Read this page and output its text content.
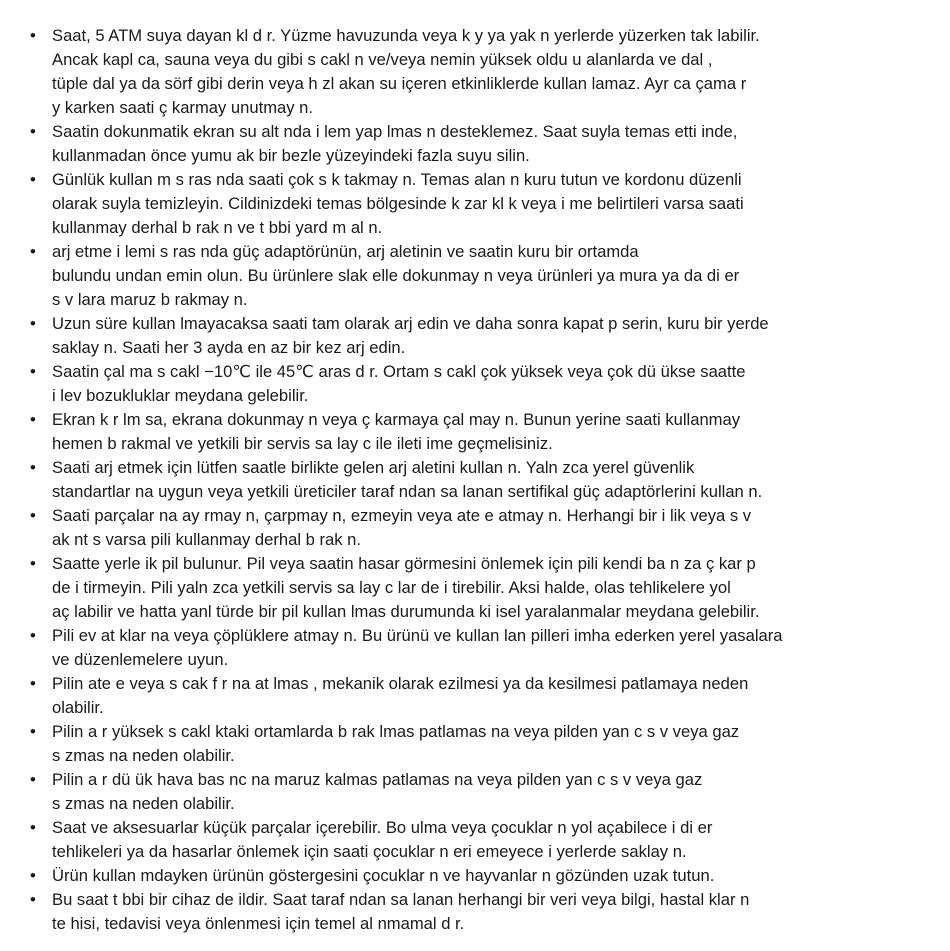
• Saat, 5 ATM suya dayan kl d r. Yüzme havuzunda veya k y ya yak n yerlerde yüzerken tak labilir.
Ancak kapl ca, sauna veya du gibi s cakl n ve/veya nemin yüksek oldu u alanlarda ve dal ,
tüple dal ya da sörf gibi derin veya h zl akan su içeren etkinliklerde kullan lamaz. Ayr ca çama r
y karken saati ç karmay unutmay n.
• Saatin dokunmatik ekran su alt nda i lem yap lmas n desteklemez. Saat suyla temas etti inde,
kullanmadan önce yumu ak bir bezle yüzeyindeki fazla suyu silin.
• Günlük kullan m s ras nda saati çok s k takmay n. Temas alan n kuru tutun ve kordonu düzenli
olarak suyla temizleyin. Cildinizdeki temas bölgesinde k zar kl k veya i me belirtileri varsa saati
kullanmay derhal b rak n ve t bbi yard m al n.
• arj etme i lemi s ras nda güç adaptörünün, arj aletinin ve saatin kuru bir ortamda
bulundu undan emin olun. Bu ürünlere slak elle dokunmay n veya ürünleri ya mura ya da di er
s v lara maruz b rakmay n.
• Uzun süre kullan lmayacaksa saati tam olarak arj edin ve daha sonra kapat p serin, kuru bir yerde
saklay n. Saati her 3 ayda en az bir kez arj edin.
• Saatin çal ma s cakl −10℃ ile 45℃ aras d r. Ortam s cakl çok yüksek veya çok dü ükse saatte
i lev bozukluklar meydana gelebilir.
• Ekran k r lm sa, ekrana dokunmay n veya ç karmaya çal may n. Bunun yerine saati kullanmay
hemen b rakmal ve yetkili bir servis sa lay c ile ileti ime geçmelisiniz.
• Saati arj etmek için lütfen saatle birlikte gelen arj aletini kullan n. Yaln zca yerel güvenlik
standartlar na uygun veya yetkili üreticiler taraf ndan sa lanan sertifikal güç adaptörlerini kullan n.
• Saati parçalar na ay rmay n, çarpmay n, ezmeyin veya ate e atmay n. Herhangi bir i lik veya s v
ak nt s varsa pili kullanmay derhal b rak n.
• Saatte yerle ik pil bulunur. Pil veya saatin hasar görmesini önlemek için pili kendi ba n za ç kar p
de i tirmeyin. Pili yaln zca yetkili servis sa lay c lar de i tirebilir. Aksi halde, olas tehlikelere yol
aç labilir ve hatta yanl türde bir pil kullan lmas durumunda ki isel yaralanmalar meydana gelebilir.
• Pili ev at klar na veya çöplüklere atmay n. Bu ürünü ve kullan lan pilleri imha ederken yerel yasalara
ve düzenlemelere uyun.
• Pilin ate e veya s cak f r na at lmas , mekanik olarak ezilmesi ya da kesilmesi patlamaya neden
olabilir.
• Pilin a r yüksek s cakl ktaki ortamlarda b rak lmas patlamas na veya pilden yan c s v veya gaz
s zmas na neden olabilir.
• Pilin a r dü ük hava bas nc na maruz kalmas patlamas na veya pilden yan c s v veya gaz
s zmas na neden olabilir.
• Saat ve aksesuarlar küçük parçalar içerebilir. Bo ulma veya çocuklar n yol açabilece i di er
tehlikeleri ya da hasarlar önlemek için saati çocuklar n eri emeyece i yerlerde saklay n.
• Ürün kullan mdayken ürünün göstergesini çocuklar n ve hayvanlar n gözünden uzak tutun.
• Bu saat t bbi bir cihaz de ildir. Saat taraf ndan sa lanan herhangi bir veri veya bilgi, hastal klar n
te hisi, tedavisi veya önlenmesi için temel al nmamal d r.
